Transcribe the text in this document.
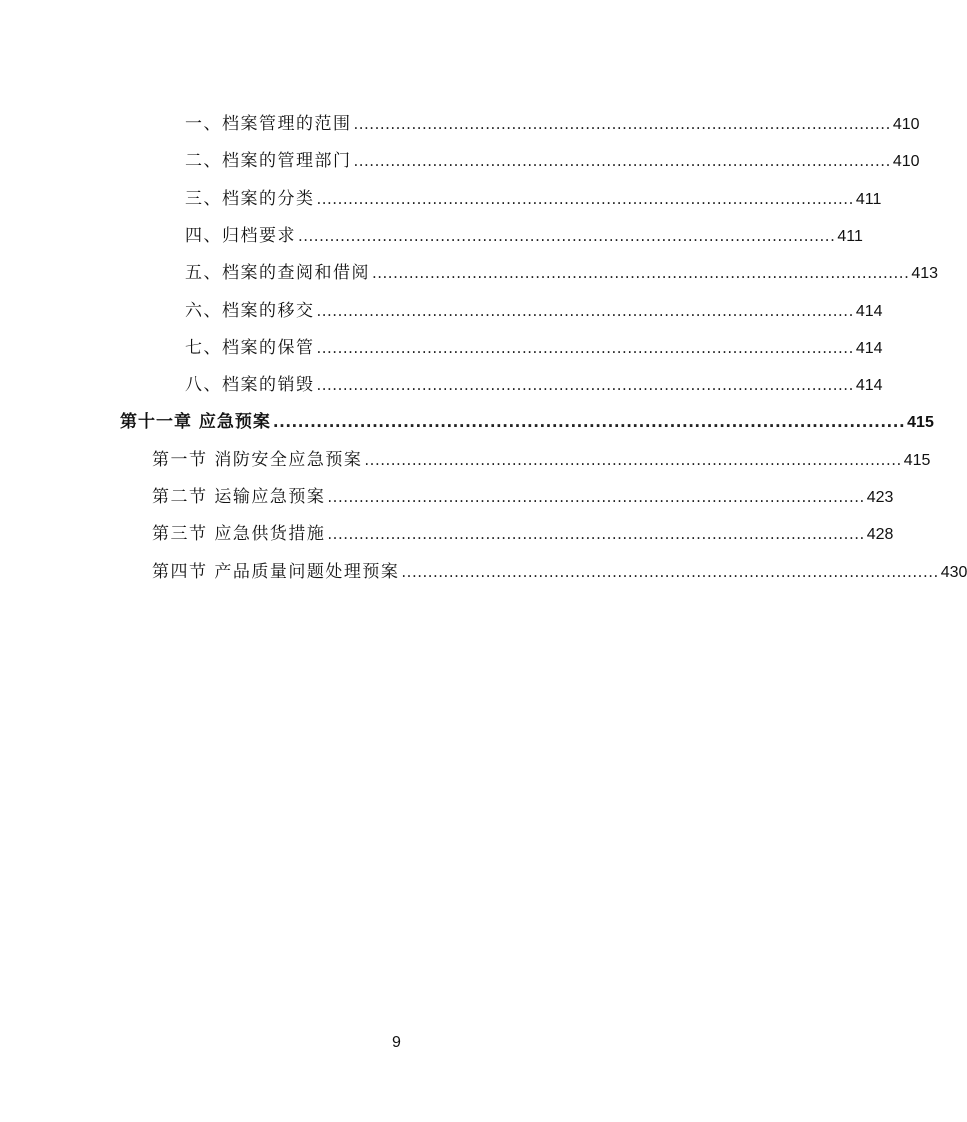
一、档案管理的范围 ...................................................................................................... 410
二、档案的管理部门 ...................................................................................................... 410
三、档案的分类 ...................................................................................................... 411
四、归档要求 ...................................................................................................... 411
五、档案的查阅和借阅 ...................................................................................................... 413
六、档案的移交 ...................................................................................................... 414
七、档案的保管 ...................................................................................................... 414
八、档案的销毁 ...................................................................................................... 414
第十一章 应急预案 ...................................................................................................... 415
第一节 消防安全应急预案 ...................................................................................................... 415
第二节 运输应急预案 ...................................................................................................... 423
第三节 应急供货措施 ...................................................................................................... 428
第四节 产品质量问题处理预案 ...................................................................................................... 430
9
